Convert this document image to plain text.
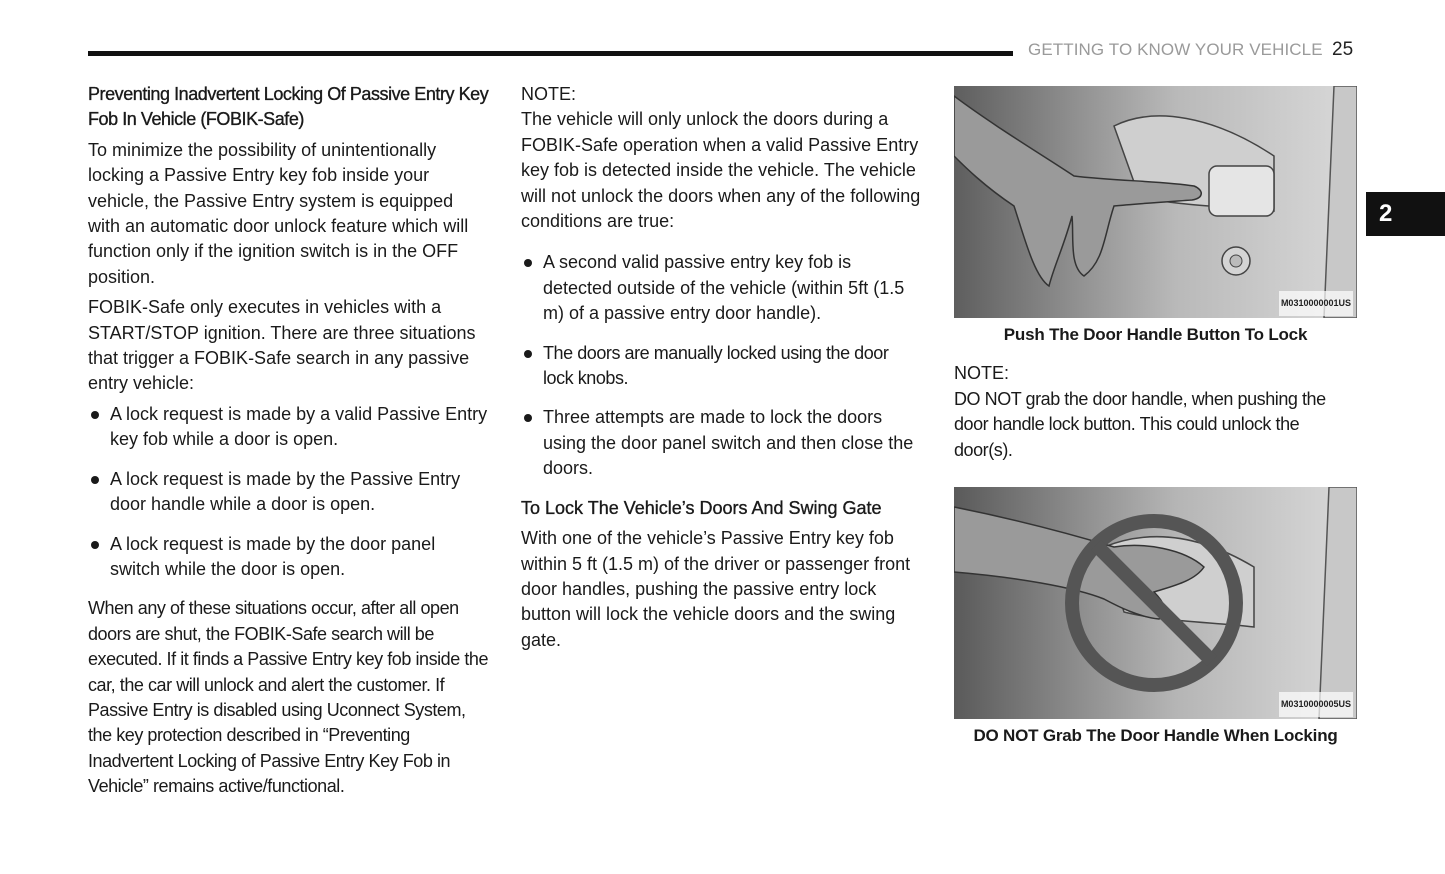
GETTING TO KNOW YOUR VEHICLE 25
2
Preventing Inadvertent Locking Of Passive Entry Key Fob In Vehicle (FOBIK-Safe)

To minimize the possibility of unintentionally locking a Passive Entry key fob inside your vehicle, the Passive Entry system is equipped with an automatic door unlock feature which will function only if the ignition switch is in the OFF position.

FOBIK-Safe only executes in vehicles with a START/STOP ignition. There are three situations that trigger a FOBIK-Safe search in any passive entry vehicle:

A lock request is made by a valid Passive Entry key fob while a door is open.
A lock request is made by the Passive Entry door handle while a door is open.
A lock request is made by the door panel switch while the door is open.

When any of these situations occur, after all open doors are shut, the FOBIK-Safe search will be executed. If it finds a Passive Entry key fob inside the car, the car will unlock and alert the customer. If Passive Entry is disabled using Uconnect System, the key protection described in “Preventing Inadvertent Locking of Passive Entry Key Fob in Vehicle” remains active/functional.

NOTE:

The vehicle will only unlock the doors during a FOBIK-Safe operation when a valid Passive Entry key fob is detected inside the vehicle. The vehicle will not unlock the doors when any of the following conditions are true:

A second valid passive entry key fob is detected outside of the vehicle (within 5ft (1.5 m) of a passive entry door handle).
The doors are manually locked using the door lock knobs.
Three attempts are made to lock the doors using the door panel switch and then close the doors.
To Lock The Vehicle’s Doors And Swing Gate

With one of the vehicle’s Passive Entry key fob within 5 ft (1.5 m) of the driver or passenger front door handles, pushing the passive entry lock button will lock the vehicle doors and the swing gate.

M0310000001US

Push The Door Handle Button To Lock

NOTE:

DO NOT grab the door handle, when pushing the door handle lock button. This could unlock the door(s).

M0310000005US

DO NOT Grab The Door Handle When Locking
